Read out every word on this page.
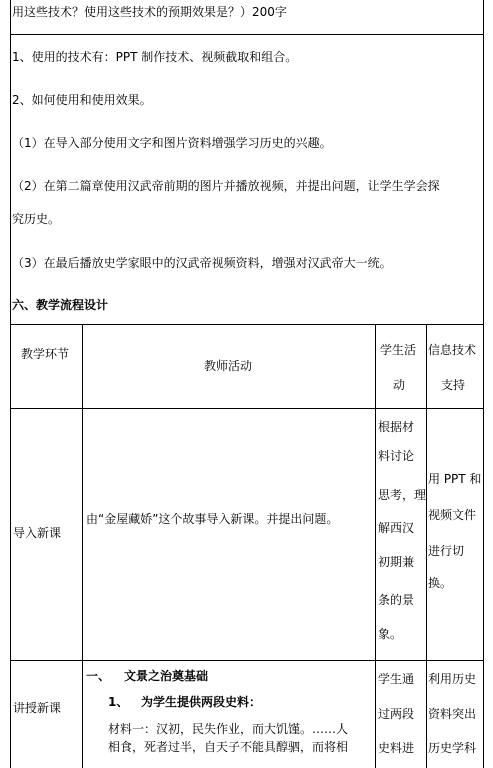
用这些技术？使用这些技术的预期效果是？）200字
1、使用的技术有：PPT 制作技术、视频截取和组合。
2、如何使用和使用效果。
（1）在导入部分使用文字和图片资料增强学习历史的兴趣。
（2）在第二篇章使用汉武帝前期的图片并播放视频，并提出问题，让学生学会探
究历史。
（3）在最后播放史学家眼中的汉武帝视频资料，增强对汉武帝大一统。
六、教学流程设计
教学环节
教师活动
学生活
动
信息技术
支持
导入新课
由“金屋藏娇”这个故事导入新课。并提出问题。
根据材
料讨论
思考，理
解西汉
初期兼
条的景
象。
用 PPT 和
视频文件
进行切
换。
讲授新课
一、 文景之治奠基础
1、 为学生提供两段史料：
材料一：汉初，民失作业，而大饥馑。……人
相食，死者过半，自天子不能具醇驷，而将相
学生通
过两段
史料进
利用历史
资料突出
历史学科
